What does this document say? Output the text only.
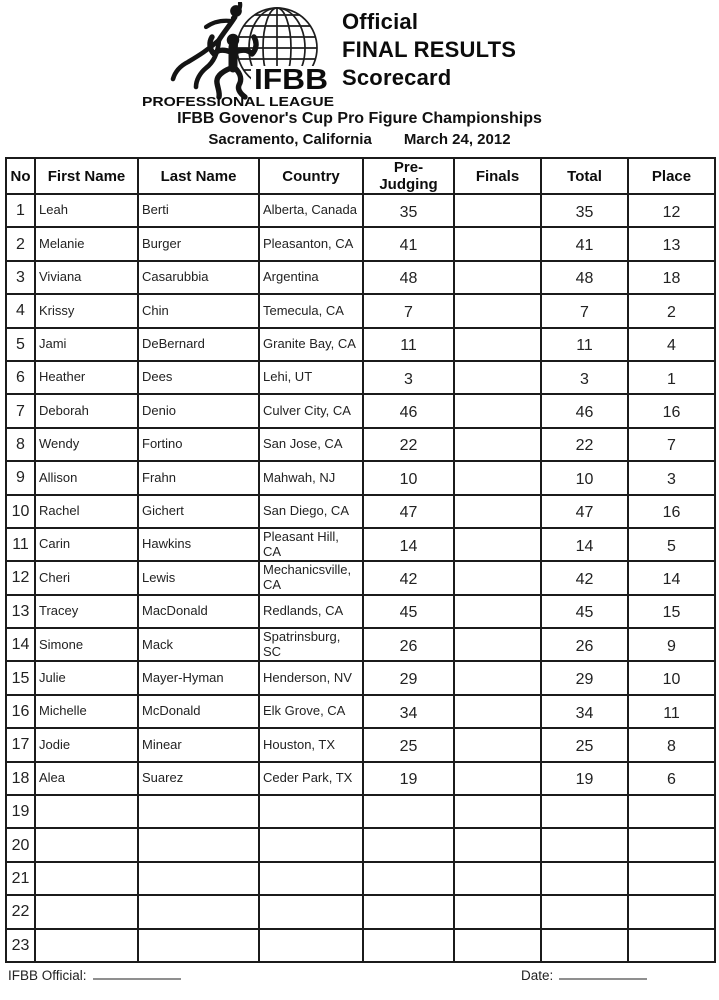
IFBB
PROFESSIONAL LEAGUE
Official
FINAL RESULTS
Scorecard
IFBB Govenor's Cup Pro Figure Championships
Sacramento, California March 24, 2012
No	First Name	Last Name	Country	Pre-Judging	Finals	Total	Place
1	Leah	Berti	Alberta, Canada	35		35	12
2	Melanie	Burger	Pleasanton, CA	41		41	13
3	Viviana	Casarubbia	Argentina	48		48	18
4	Krissy	Chin	Temecula, CA	7		7	2
5	Jami	DeBernard	Granite Bay, CA	11		11	4
6	Heather	Dees	Lehi, UT	3		3	1
7	Deborah	Denio	Culver City, CA	46		46	16
8	Wendy	Fortino	San Jose, CA	22		22	7
9	Allison	Frahn	Mahwah, NJ	10		10	3
10	Rachel	Gichert	San Diego, CA	47		47	16
11	Carin	Hawkins	Pleasant Hill, CA	14		14	5
12	Cheri	Lewis	Mechanicsville, CA	42		42	14
13	Tracey	MacDonald	Redlands, CA	45		45	15
14	Simone	Mack	Spatrinsburg, SC	26		26	9
15	Julie	Mayer-Hyman	Henderson, NV	29		29	10
16	Michelle	McDonald	Elk Grove, CA	34		34	11
17	Jodie	Minear	Houston, TX	25		25	8
18	Alea	Suarez	Ceder Park, TX	19		19	6
19							
20							
21							
22							
23							
IFBB Official:	Date:
